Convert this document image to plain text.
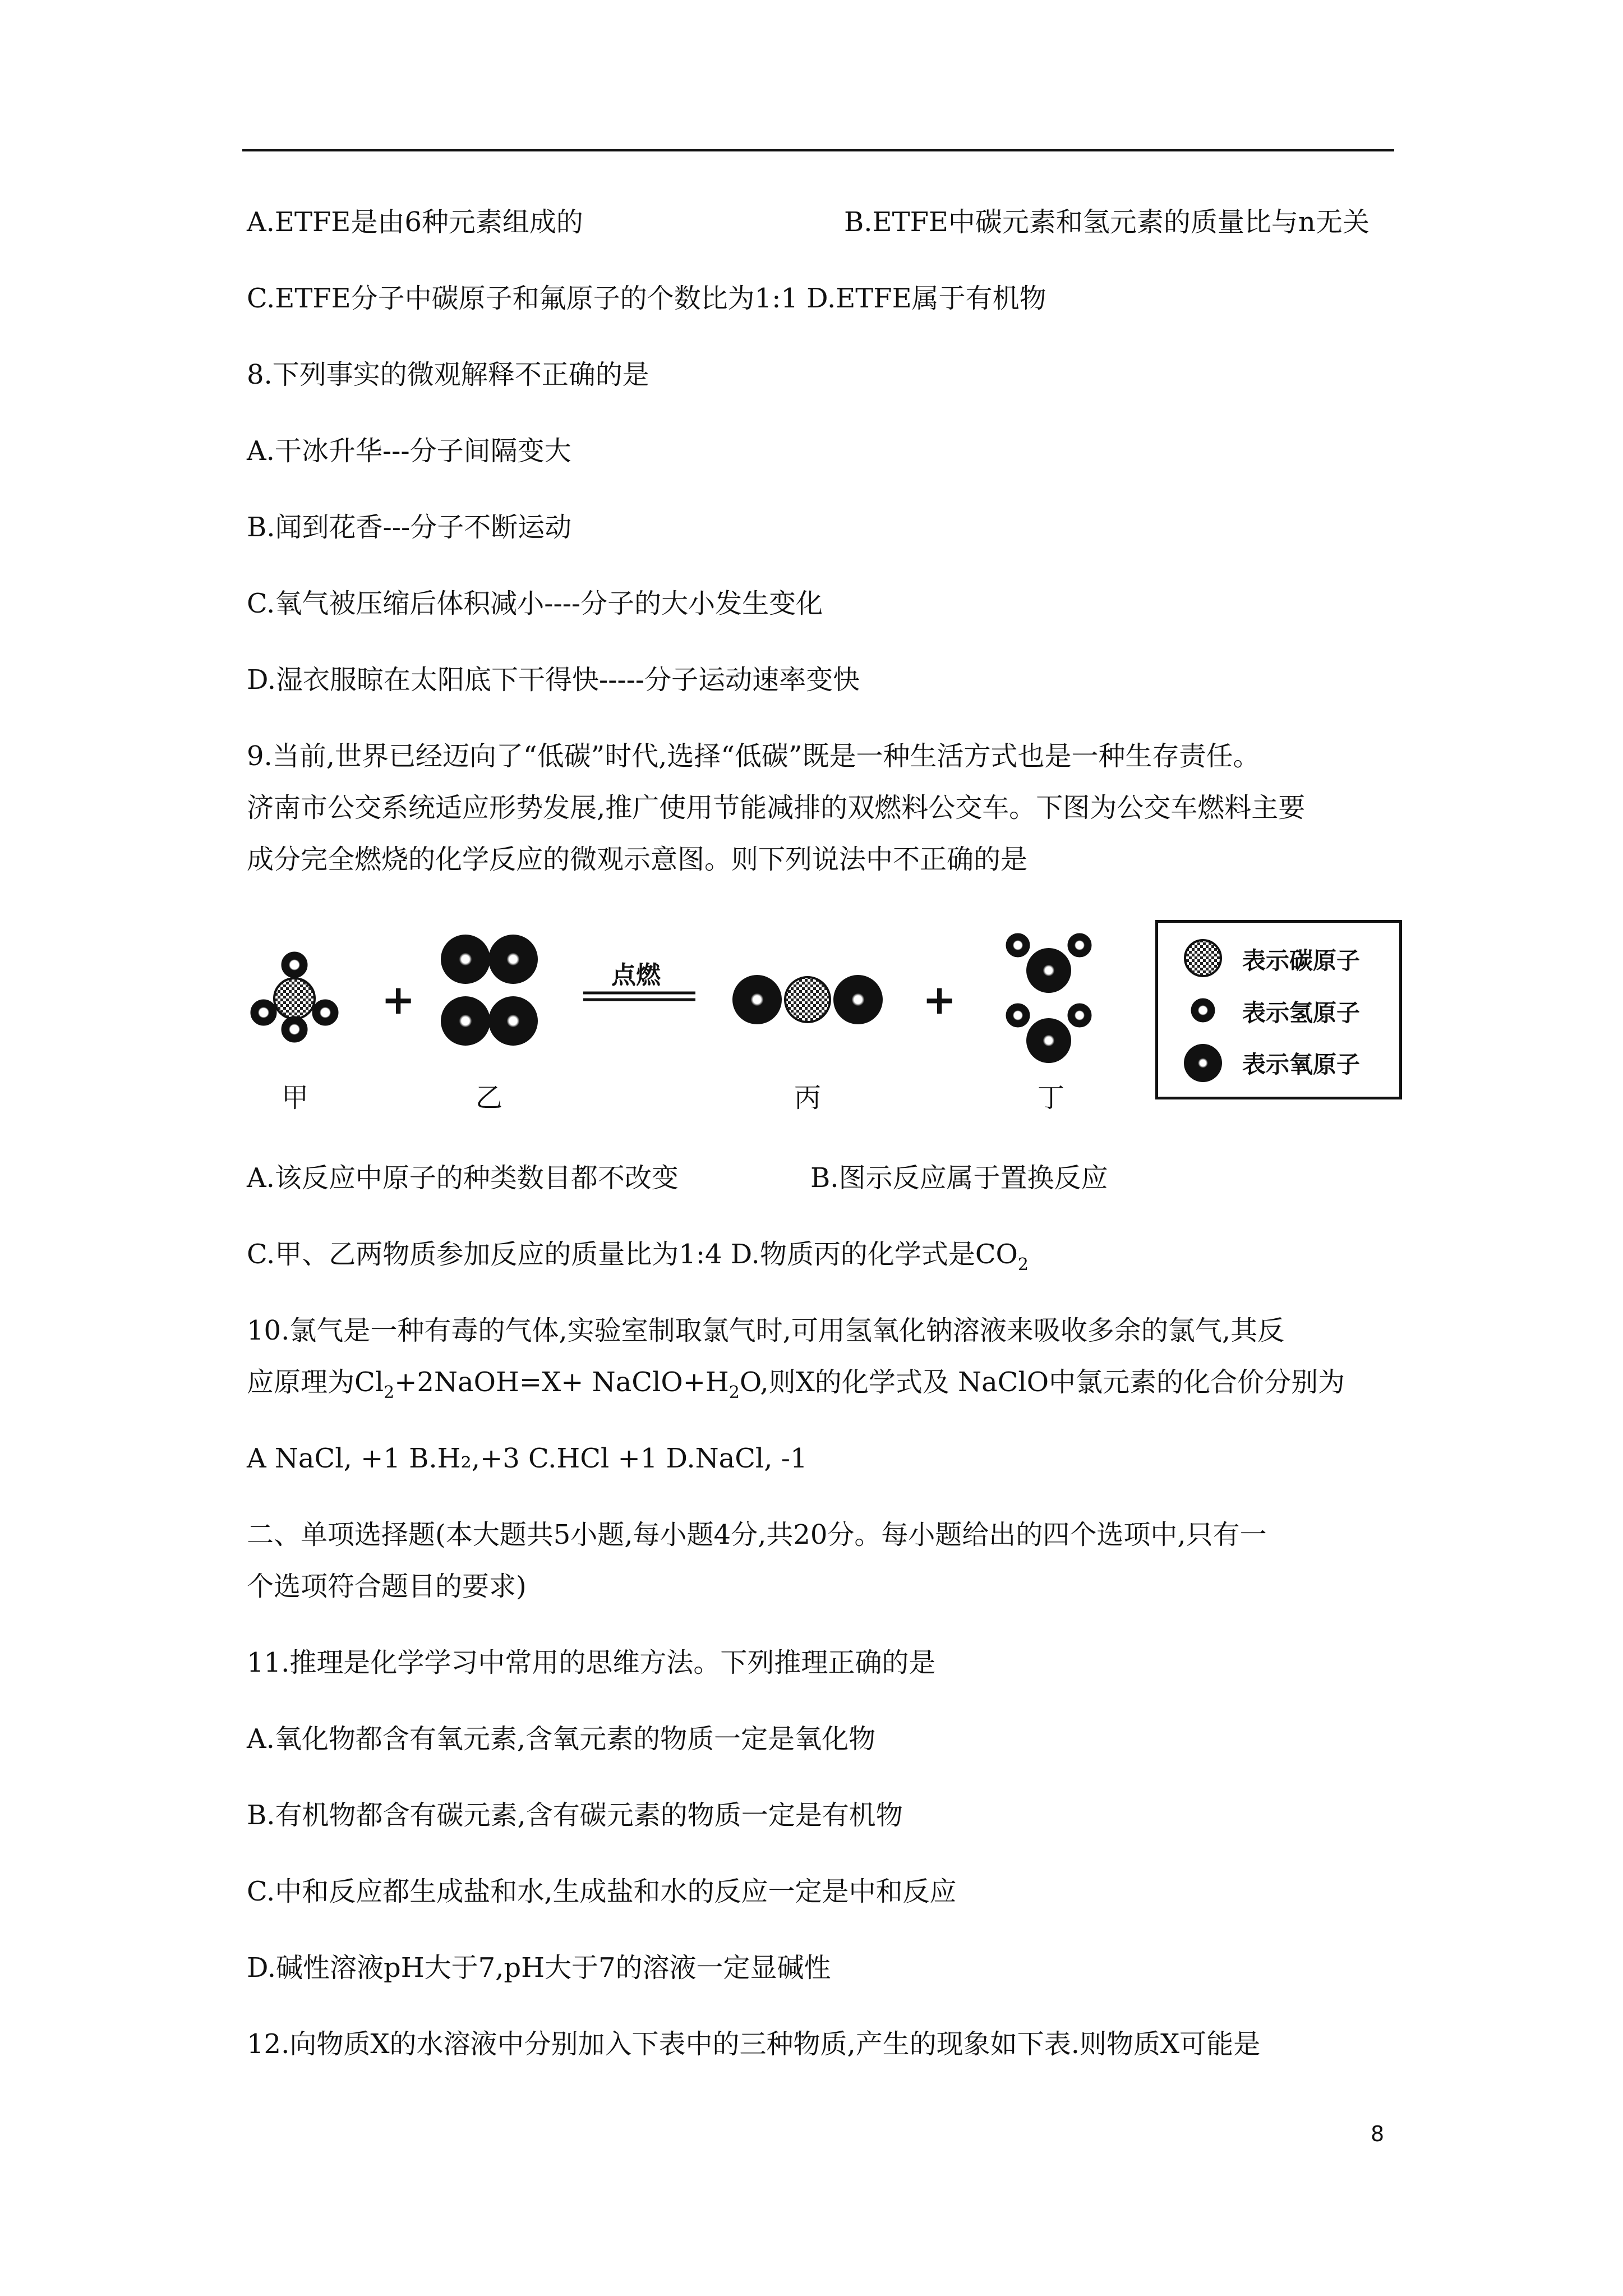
A.ETFE是由6种元素组成的	B.ETFE中碳元素和氢元素的质量比与n无关
C.ETFE分子中碳原子和氟原子的个数比为1:1 D.ETFE属于有机物
8.下列事实的微观解释不正确的是
A.干冰升华---分子间隔变大
B.闻到花香---分子不断运动
C.氧气被压缩后体积减小----分子的大小发生变化
D.湿衣服晾在太阳底下干得快-----分子运动速率变快
9.当前,世界已经迈向了“低碳”时代,选择“低碳”既是一种生活方式也是一种生存责任。
济南市公交系统适应形势发展,推广使用节能减排的双燃料公交车。下图为公交车燃料主要
成分完全燃烧的化学反应的微观示意图。则下列说法中不正确的是
+	+
点燃
甲	乙	丙	丁
表示碳原子
表示氢原子
表示氧原子
A.该反应中原子的种类数目都不改变	B.图示反应属于置换反应
C.甲、乙两物质参加反应的质量比为1:4 D.物质丙的化学式是$CO_2$
10.氯气是一种有毒的气体,实验室制取氯气时,可用氢氧化钠溶液来吸收多余的氯气,其反
应原理为$Cl_2+2NaOH=X+$ $NaClO+H_2O$,则X的化学式及 NaClO中氯元素的化合价分别为
A NaCl, +1 B.H₂,+3 C.HCl +1 D.NaCl, -1
二、单项选择题(本大题共5小题,每小题4分,共20分。每小题给出的四个选项中,只有一
个选项符合题目的要求)
11.推理是化学学习中常用的思维方法。下列推理正确的是
A.氧化物都含有氧元素,含氧元素的物质一定是氧化物
B.有机物都含有碳元素,含有碳元素的物质一定是有机物
C.中和反应都生成盐和水,生成盐和水的反应一定是中和反应
D.碱性溶液pH大于7,pH大于7的溶液一定显碱性
12.向物质X的水溶液中分别加入下表中的三种物质,产生的现象如下表.则物质X可能是
8
